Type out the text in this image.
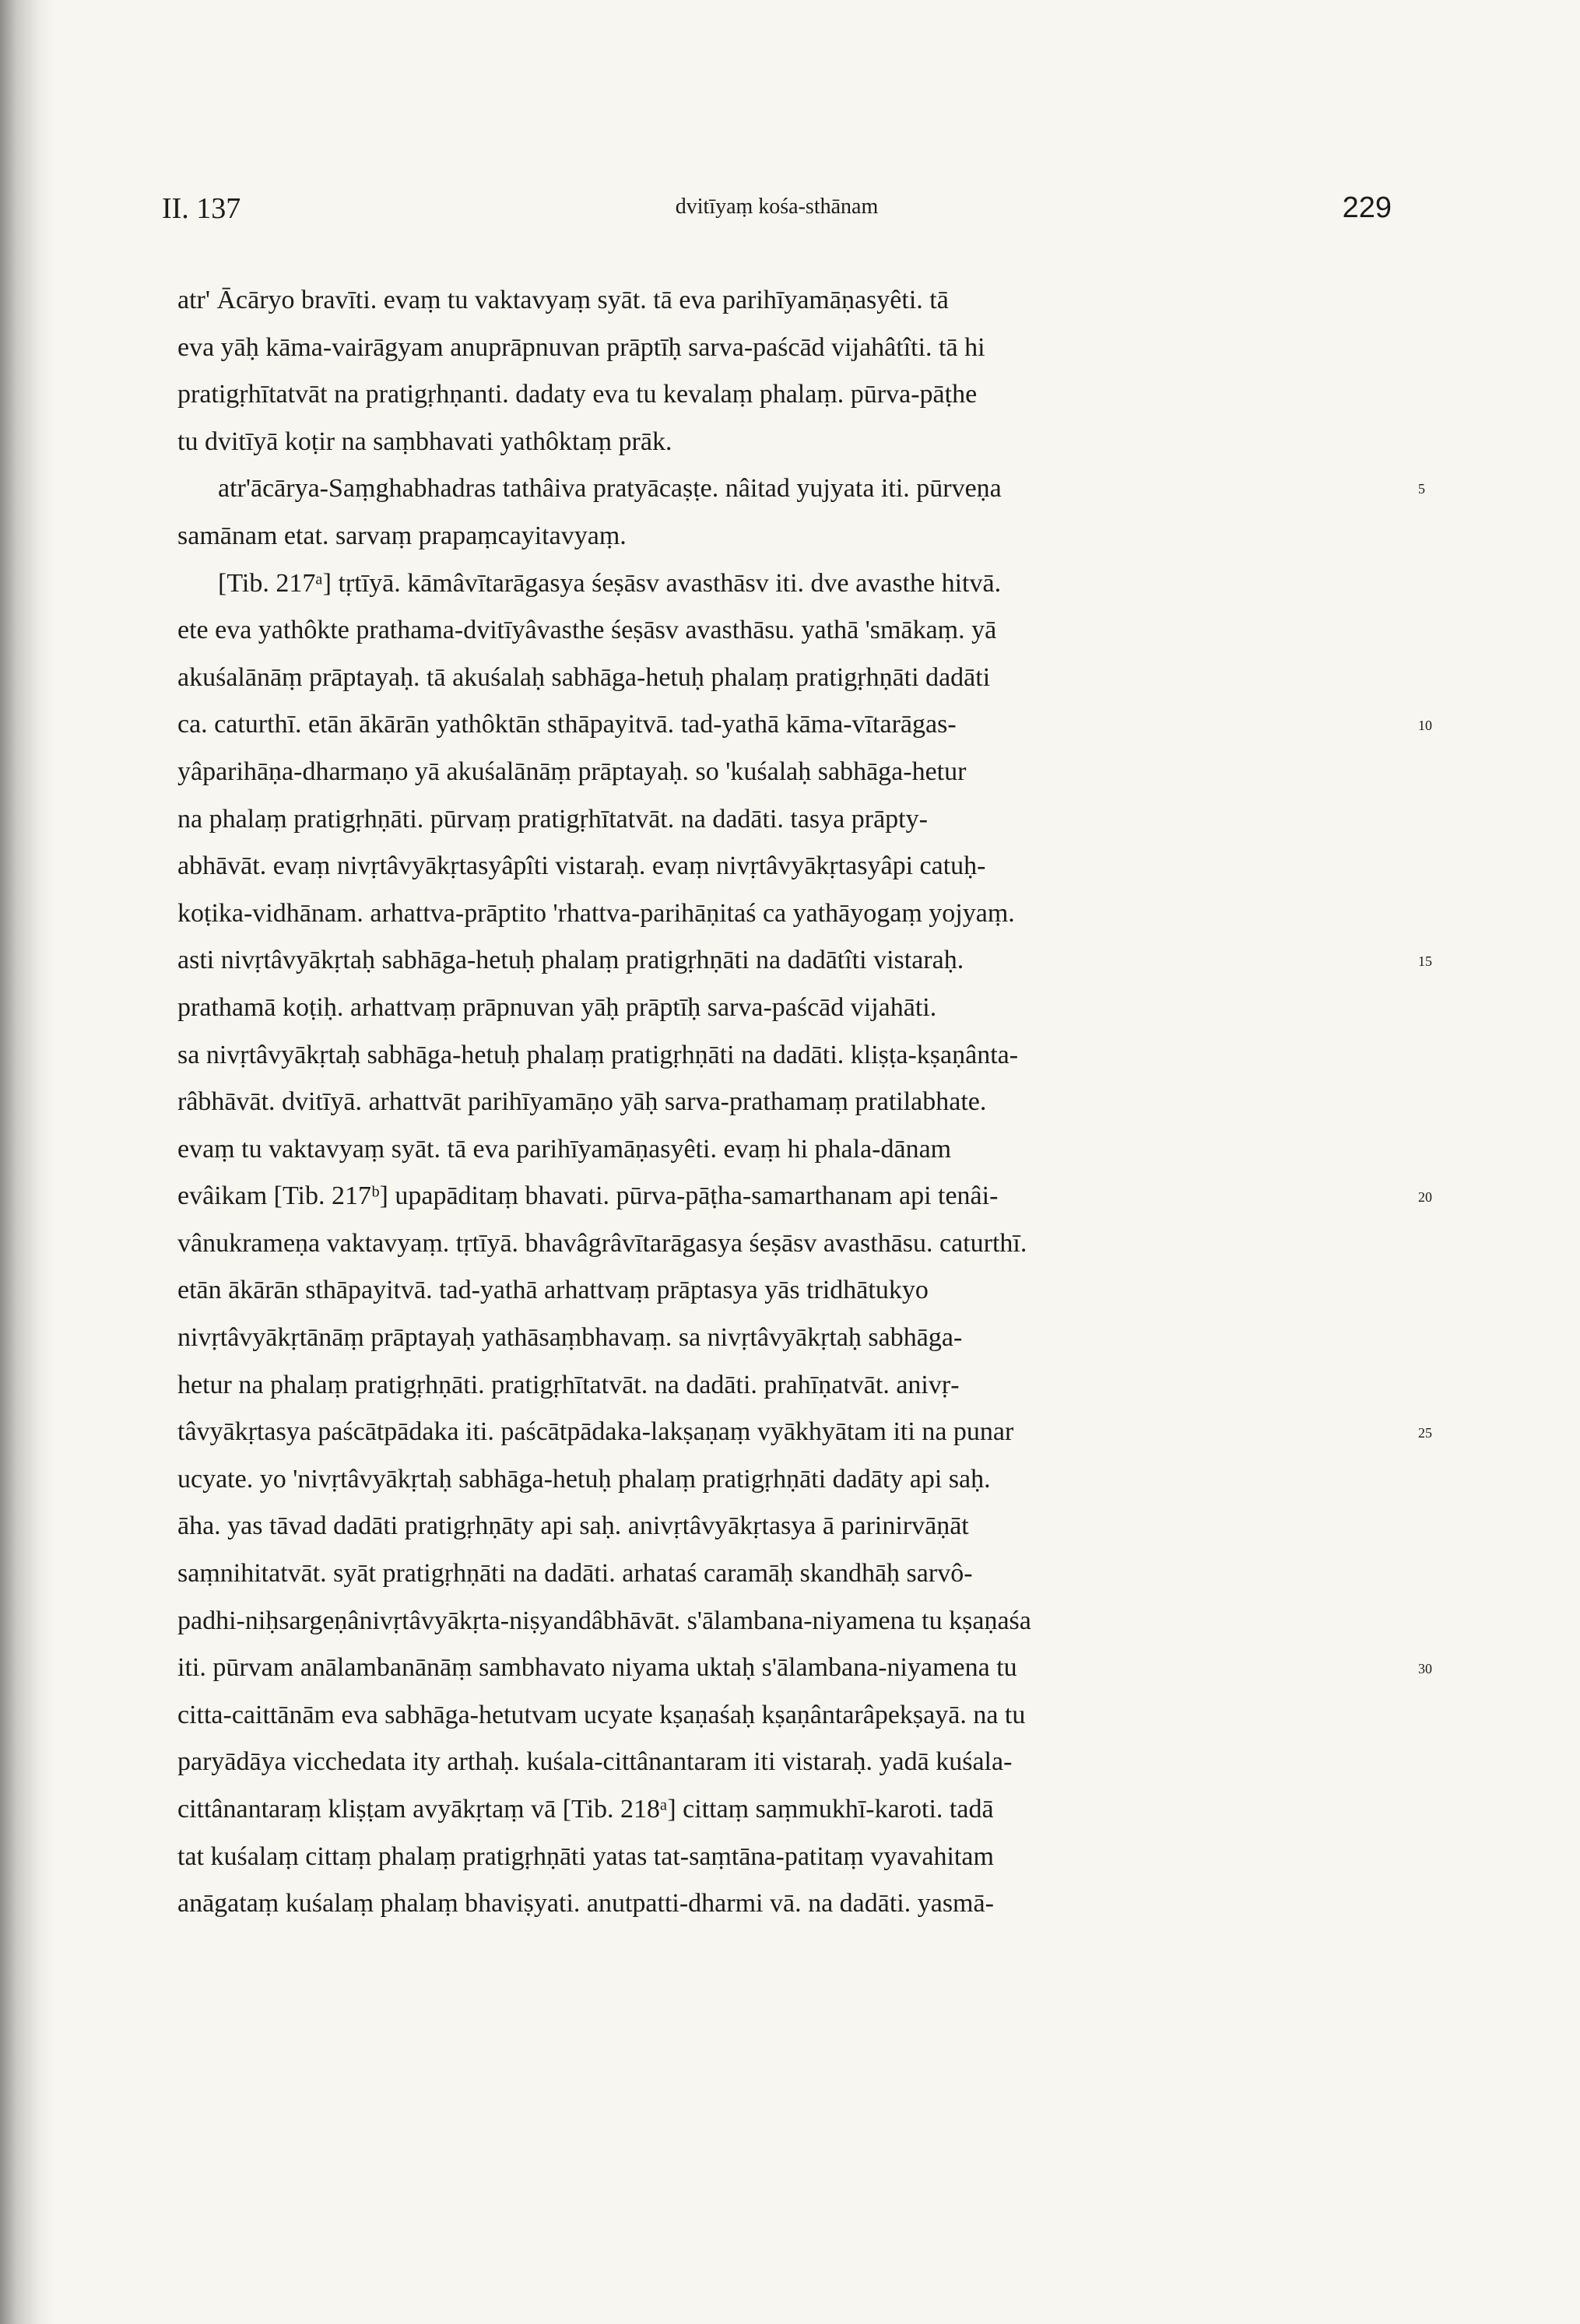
II. 137	dvitīyaṃ kośa-sthānam	229
atr' Ācāryo bravīti. evaṃ tu vaktavyaṃ syāt. tā eva parihīyamāṇasyêti. tā
eva yāḥ kāma-vairāgyam anuprāpnuvan prāptīḥ sarva-paścād vijahâtîti. tā hi
pratigṛhītatvāt na pratigṛhṇanti. dadaty eva tu kevalaṃ phalaṃ. pūrva-pāṭhe
tu dvitīyā koṭir na saṃbhavati yathôktaṃ prāk.
atr'ācārya-Saṃghabhadras tathâiva pratyācaṣṭe. nâitad yujyata iti. pūrveṇa
samānam etat. sarvaṃ prapaṃcayitavyaṃ.
[Tib. 217ᵃ] tṛtīyā. kāmâvītarāgasya śeṣāsv avasthāsv iti. dve avasthe hitvā.
ete eva yathôkte prathama-dvitīyâvasthe śeṣāsv avasthāsu. yathā 'smākaṃ. yā
akuśalānāṃ prāptayaḥ. tā akuśalaḥ sabhāga-hetuḥ phalaṃ pratigṛhṇāti dadāti
ca. caturthī. etān ākārān yathôktān sthāpayitvā. tad-yathā kāma-vītarāgas-
yâparihāṇa-dharmaṇo yā akuśalānāṃ prāptayaḥ. so 'kuśalaḥ sabhāga-hetur
na phalaṃ pratigṛhṇāti. pūrvaṃ pratigṛhītatvāt. na dadāti. tasya prāpty-
abhāvāt. evaṃ nivṛtâvyākṛtasyâpîti vistaraḥ. evaṃ nivṛtâvyākṛtasyâpi catuḥ-
koṭika-vidhānam. arhattva-prāptito 'rhattva-parihāṇitaś ca yathāyogaṃ yojyaṃ.
asti nivṛtâvyākṛtaḥ sabhāga-hetuḥ phalaṃ pratigṛhṇāti na dadātîti vistaraḥ.
prathamā koṭiḥ. arhattvaṃ prāpnuvan yāḥ prāptīḥ sarva-paścād vijahāti.
sa nivṛtâvyākṛtaḥ sabhāga-hetuḥ phalaṃ pratigṛhṇāti na dadāti. kliṣṭa-kṣaṇânta-
râbhāvāt. dvitīyā. arhattvāt parihīyamāṇo yāḥ sarva-prathamaṃ pratilabhate.
evaṃ tu vaktavyaṃ syāt. tā eva parihīyamāṇasyêti. evaṃ hi phala-dānam
evâikam [Tib. 217ᵇ] upapāditaṃ bhavati. pūrva-pāṭha-samarthanam api tenâi-
vânukrameṇa vaktavyaṃ. tṛtīyā. bhavâgrâvītarāgasya śeṣāsv avasthāsu. caturthī.
etān ākārān sthāpayitvā. tad-yathā arhattvaṃ prāptasya yās tridhātukyo
nivṛtâvyākṛtānāṃ prāptayaḥ yathāsaṃbhavaṃ. sa nivṛtâvyākṛtaḥ sabhāga-
hetur na phalaṃ pratigṛhṇāti. pratigṛhītatvāt. na dadāti. prahīṇatvāt. anivṛ-
tâvyākṛtasya paścātpādaka iti. paścātpādaka-lakṣaṇaṃ vyākhyātam iti na punar
ucyate. yo 'nivṛtâvyākṛtaḥ sabhāga-hetuḥ phalaṃ pratigṛhṇāti dadāty api saḥ.
āha. yas tāvad dadāti pratigṛhṇāty api saḥ. anivṛtâvyākṛtasya ā parinirvāṇāt
saṃnihitatvāt. syāt pratigṛhṇāti na dadāti. arhataś caramāḥ skandhāḥ sarvô-
padhi-niḥsargeṇânivṛtâvyākṛta-niṣyandâbhāvāt. s'ālambana-niyamena tu kṣaṇaśa
iti. pūrvam anālambanānāṃ sambhavato niyama uktaḥ s'ālambana-niyamena tu
citta-caittānām eva sabhāga-hetutvam ucyate kṣaṇaśaḥ kṣaṇântarâpekṣayā. na tu
paryādāya vicchedata ity arthaḥ. kuśala-cittânantaram iti vistaraḥ. yadā kuśala-
cittânantaraṃ kliṣṭam avyākṛtaṃ vā [Tib. 218ᵃ] cittaṃ saṃmukhī-karoti. tadā
tat kuśalaṃ cittaṃ phalaṃ pratigṛhṇāti yatas tat-saṃtāna-patitaṃ vyavahitam
anāgataṃ kuśalaṃ phalaṃ bhaviṣyati. anutpatti-dharmi vā. na dadāti. yasmā-
5
10
15
20
25
30
